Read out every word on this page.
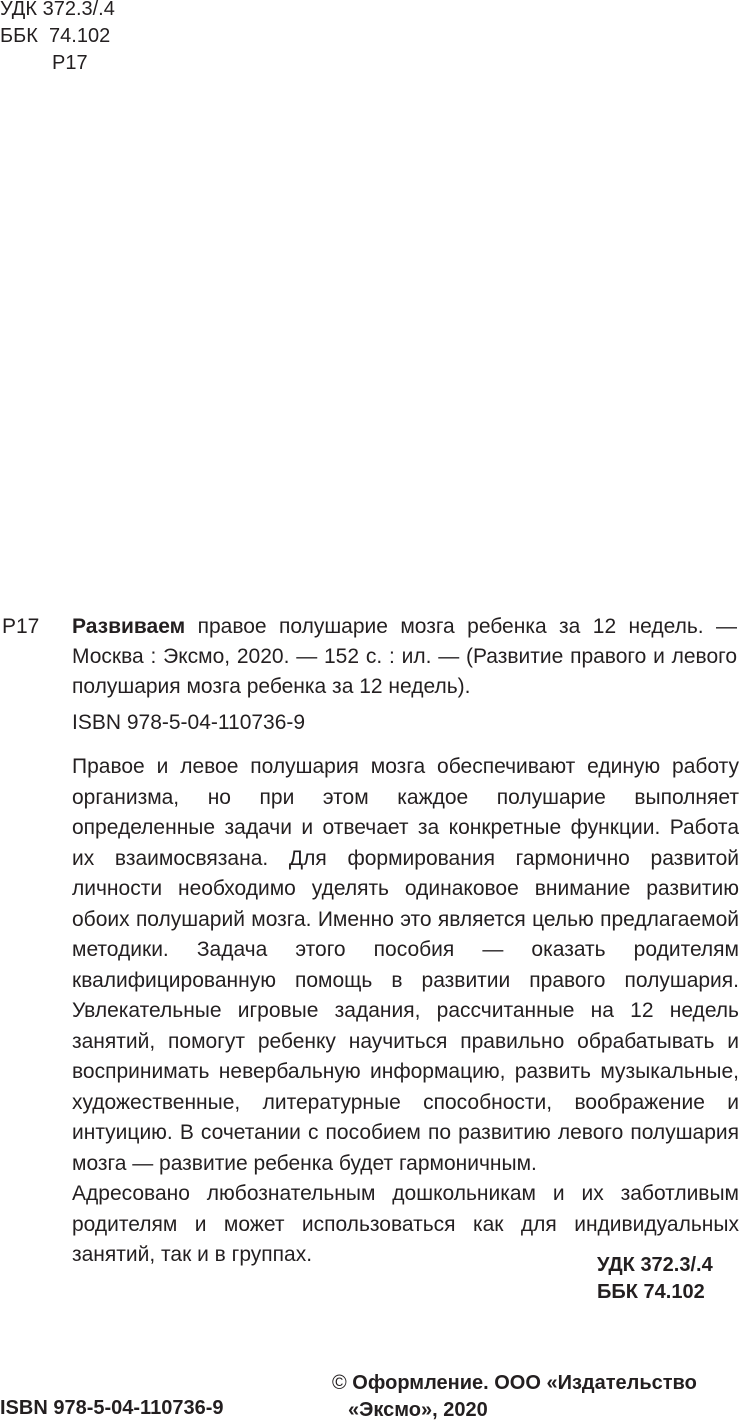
УДК 372.3/.4
ББК 74.102
Р17
Р17 Развиваем правое полушарие мозга ребенка за 12 недель. — Москва : Эксмо, 2020. — 152 с. : ил. — (Развитие правого и левого полушария мозга ребенка за 12 недель).
ISBN 978-5-04-110736-9

Правое и левое полушария мозга обеспечивают единую работу организма, но при этом каждое полушарие выполняет определенные задачи и отвечает за конкретные функции. Работа их взаимосвязана. Для формирования гармонично развитой личности необходимо уделять одинаковое внимание развитию обоих полушарий мозга. Именно это является целью предлагаемой методики. Задача этого пособия — оказать родителям квалифицированную помощь в развитии правого полушария. Увлекательные игровые задания, рассчитанные на 12 недель занятий, помогут ребенку научиться правильно обрабатывать и воспринимать невербальную информацию, развить музыкальные, художественные, литературные способности, воображение и интуицию. В сочетании с пособием по развитию левого полушария мозга — развитие ребенка будет гармоничным.

Адресовано любознательным дошкольникам и их заботливым родителям и может использоваться как для индивидуальных занятий, так и в группах.	УДК 372.3/.4
ББК 74.102
© Оформление. ООО «Издательство
«Эксмо», 2020
ISBN 978-5-04-110736-9
